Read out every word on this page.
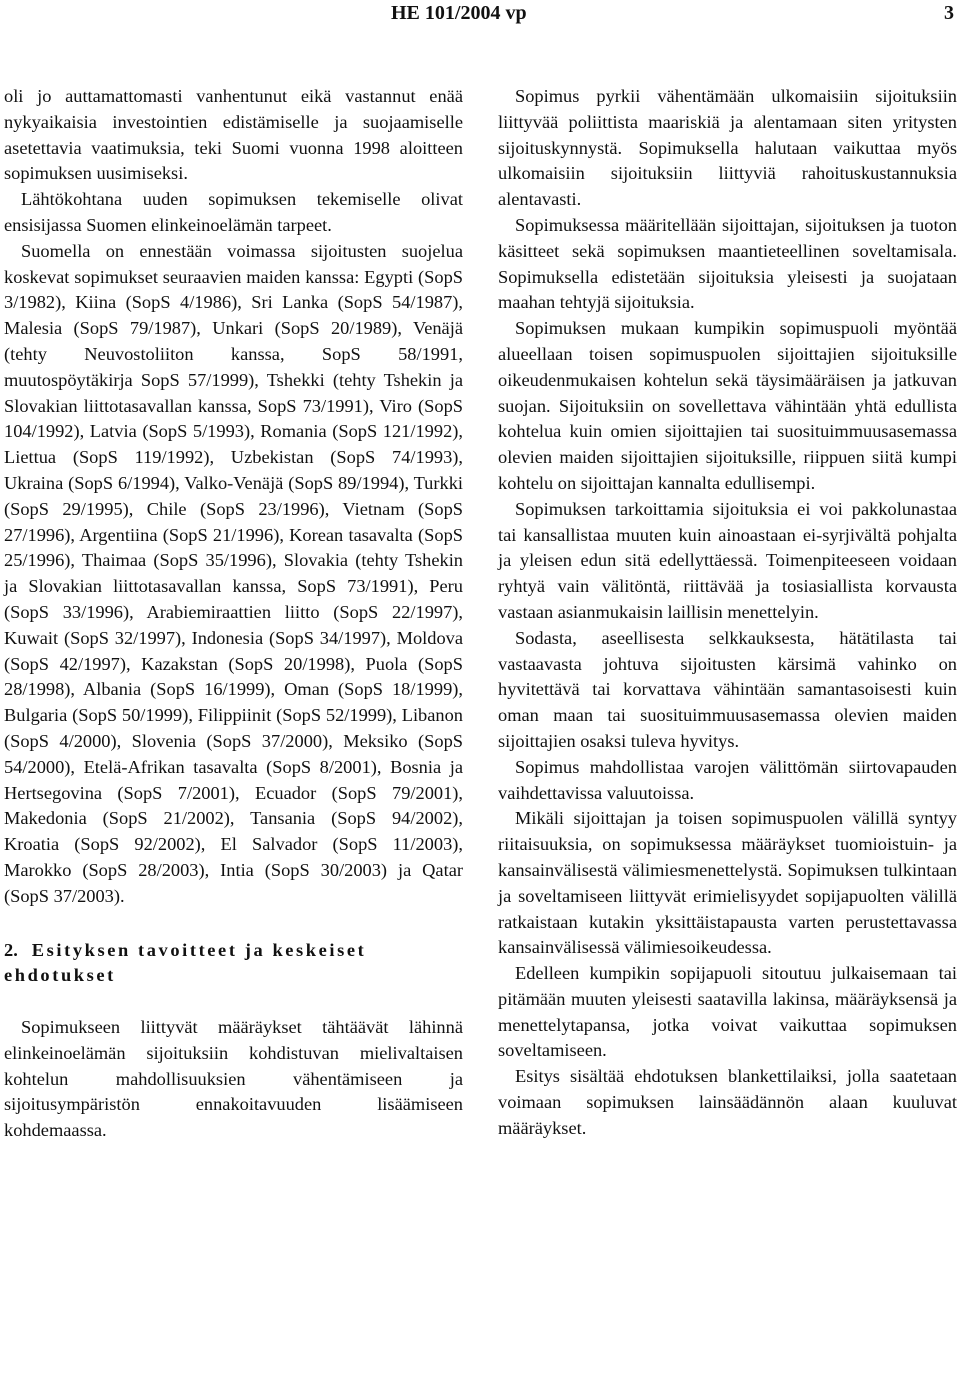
HE 101/2004 vp	3

oli jo auttamattomasti vanhentunut eikä vastannut enää nykyaikaisia investointien edistämiselle ja suojaamiselle asetettavia vaatimuksia, teki Suomi vuonna 1998 aloitteen sopimuksen uusimiseksi.

Lähtökohtana uuden sopimuksen tekemiselle olivat ensisijassa Suomen elinkeinoelämän tarpeet.

Suomella on ennestään voimassa sijoitusten suojelua koskevat sopimukset seuraavien maiden kanssa: Egypti (SopS 3/1982), Kiina (SopS 4/1986), Sri Lanka (SopS 54/1987), Malesia (SopS 79/1987), Unkari (SopS 20/1989), Venäjä (tehty Neuvostoliiton kanssa, SopS 58/1991, muutospöytäkirja SopS 57/1999), Tshekki (tehty Tshekin ja Slovakian liittotasavallan kanssa, SopS 73/1991), Viro (SopS 104/1992), Latvia (SopS 5/1993), Romania (SopS 121/1992), Liettua (SopS 119/1992), Uzbekistan (SopS 74/1993), Ukraina (SopS 6/1994), Valko-Venäjä (SopS 89/1994), Turkki (SopS 29/1995), Chile (SopS 23/1996), Vietnam (SopS 27/1996), Argentiina (SopS 21/1996), Korean tasavalta (SopS 25/1996), Thaimaa (SopS 35/1996), Slovakia (tehty Tshekin ja Slovakian liittotasavallan kanssa, SopS 73/1991), Peru (SopS 33/1996), Arabiemiraattien liitto (SopS 22/1997), Kuwait (SopS 32/1997), Indonesia (SopS 34/1997), Moldova (SopS 42/1997), Kazakstan (SopS 20/1998), Puola (SopS 28/1998), Albania (SopS 16/1999), Oman (SopS 18/1999), Bulgaria (SopS 50/1999), Filippiinit (SopS 52/1999), Libanon (SopS 4/2000), Slovenia (SopS 37/2000), Meksiko (SopS 54/2000), Etelä-Afrikan tasavalta (SopS 8/2001), Bosnia ja Hertsegovina (SopS 7/2001), Ecuador (SopS 79/2001), Makedonia (SopS 21/2002), Tansania (SopS 94/2002), Kroatia (SopS 92/2002), El Salvador (SopS 11/2003), Marokko (SopS 28/2003), Intia (SopS 30/2003) ja Qatar (SopS 37/2003).

2. Esityksen tavoitteet ja keskeiset ehdotukset

Sopimukseen liittyvät määräykset tähtäävät lähinnä elinkeinoelämän sijoituksiin kohdistuvan mielivaltaisen kohtelun mahdollisuuksien vähentämiseen ja sijoitusympäristön ennakoitavuuden lisäämiseen kohdemaassa.

Sopimus pyrkii vähentämään ulkomaisiin sijoituksiin liittyvää poliittista maariskiä ja alentamaan siten yritysten sijoituskynnystä. Sopimuksella halutaan vaikuttaa myös ulkomaisiin sijoituksiin liittyviä rahoituskustannuksia alentavasti.

Sopimuksessa määritellään sijoittajan, sijoituksen ja tuoton käsitteet sekä sopimuksen maantieteellinen soveltamisala. Sopimuksella edistetään sijoituksia yleisesti ja suojataan maahan tehtyjä sijoituksia.

Sopimuksen mukaan kumpikin sopimuspuoli myöntää alueellaan toisen sopimuspuolen sijoittajien sijoituksille oikeudenmukaisen kohtelun sekä täysimääräisen ja jatkuvan suojan. Sijoituksiin on sovellettava vähintään yhtä edullista kohtelua kuin omien sijoittajien tai suosituimmuusasemassa olevien maiden sijoittajien sijoituksille, riippuen siitä kumpi kohtelu on sijoittajan kannalta edullisempi.

Sopimuksen tarkoittamia sijoituksia ei voi pakkolunastaa tai kansallistaa muuten kuin ainoastaan ei-syrjivältä pohjalta ja yleisen edun sitä edellyttäessä. Toimenpiteeseen voidaan ryhtyä vain välitöntä, riittävää ja tosiasiallista korvausta vastaan asianmukaisin laillisin menettelyin.

Sodasta, aseellisesta selkkauksesta, hätätilasta tai vastaavasta johtuva sijoitusten kärsimä vahinko on hyvitettävä tai korvattava vähintään samantasoisesti kuin oman maan tai suosituimmuusasemassa olevien maiden sijoittajien osaksi tuleva hyvitys.

Sopimus mahdollistaa varojen välittömän siirtovapauden vaihdettavissa valuutoissa.

Mikäli sijoittajan ja toisen sopimuspuolen välillä syntyy riitaisuuksia, on sopimuksessa määräykset tuomioistuin- ja kansainvälisestä välimiesmenettelystä. Sopimuksen tulkintaan ja soveltamiseen liittyvät erimielisyydet sopijapuolten välillä ratkaistaan kutakin yksittäistapausta varten perustettavassa kansainvälisessä välimiesoikeudessa.

Edelleen kumpikin sopijapuoli sitoutuu julkaisemaan tai pitämään muuten yleisesti saatavilla lakinsa, määräyksensä ja menettelytapansa, jotka voivat vaikuttaa sopimuksen soveltamiseen.

Esitys sisältää ehdotuksen blankettilaiksi, jolla saatetaan voimaan sopimuksen lainsäädännön alaan kuuluvat määräykset.
